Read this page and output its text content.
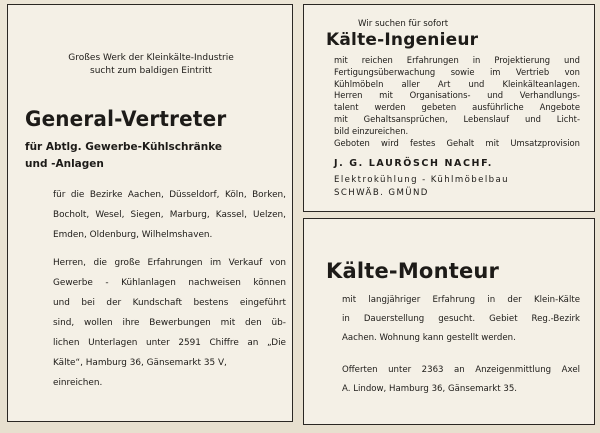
Großes Werk der Kleinkälte-Industrie
sucht zum baldigen Eintritt
General-Vertreter
für Abtlg. Gewerbe-Kühlschränke
und -Anlagen
für die Bezirke Aachen, Düsseldorf, Köln, Borken,
Bocholt, Wesel, Siegen, Marburg, Kassel, Uelzen,
Emden, Oldenburg, Wilhelmshaven.
Herren, die große Erfahrungen im Verkauf von
Gewerbe - Kühlanlagen nachweisen können
und bei der Kundschaft bestens eingeführt
sind, wollen ihre Bewerbungen mit den üb-
lichen Unterlagen unter 2591 Chiffre an „Die
Kälte“, Hamburg 36, Gänsemarkt 35 V,
einreichen.
Wir suchen für sofort
Kälte-Ingenieur
mit reichen Erfahrungen in Projektierung und
Fertigungsüberwachung sowie im Vertrieb von
Kühlmöbeln aller Art und Kleinkälteanlagen.
Herren mit Organisations- und Verhandlungs-
talent werden gebeten ausführliche Angebote
mit Gehaltsansprüchen, Lebenslauf und Licht-
bild einzureichen.
Geboten wird festes Gehalt mit Umsatzprovision
J. G. LAURÖSCH NACHF.
Elektrokühlung - Kühlmöbelbau
SCHWÄB. GMÜND
Kälte-Monteur
mit langjähriger Erfahrung in der Klein-Kälte
in Dauerstellung gesucht. Gebiet Reg.-Bezirk
Aachen. Wohnung kann gestellt werden.
Offerten unter 2363 an Anzeigenmittlung Axel
A. Lindow, Hamburg 36, Gänsemarkt 35.
